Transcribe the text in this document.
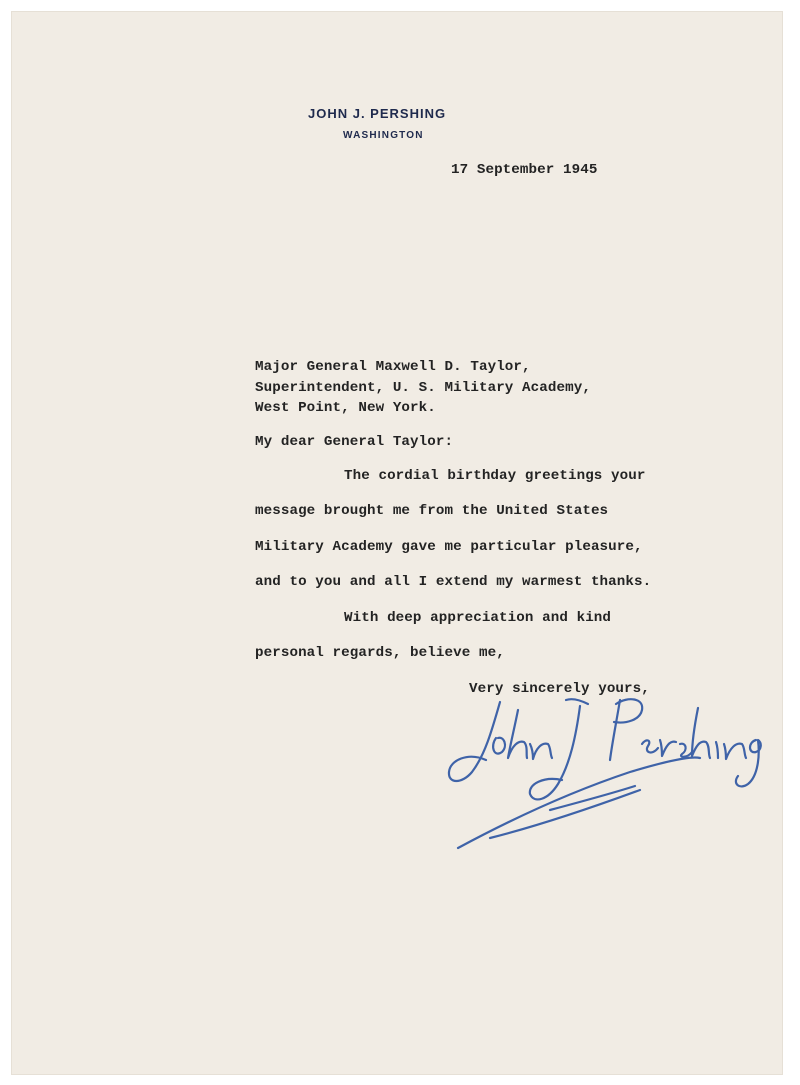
JOHN J. PERSHING
WASHINGTON
17 September 1945
Major General Maxwell D. Taylor,
Superintendent, U. S. Military Academy,
West Point, New York.
My dear General Taylor:
The cordial birthday greetings your
message brought me from the United States
Military Academy gave me particular pleasure,
and to you and all I extend my warmest thanks.
With deep appreciation and kind
personal regards, believe me,
Very sincerely yours,
